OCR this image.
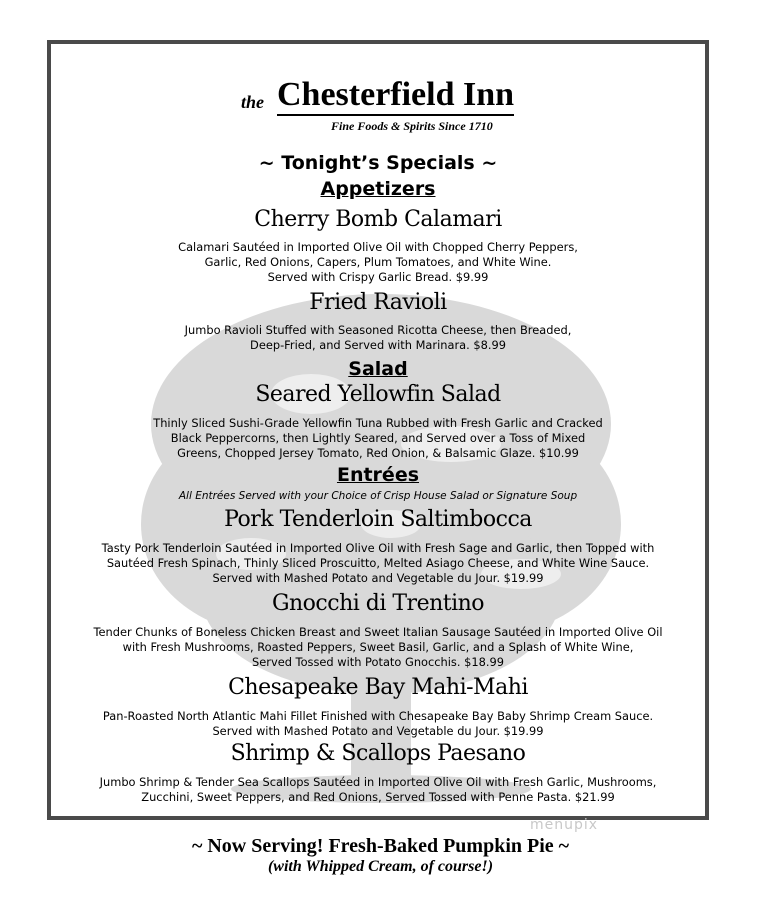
the Chesterfield Inn
Fine Foods & Spirits Since 1710
~ Tonight’s Specials ~
Appetizers
Cherry Bomb Calamari
Calamari Sautéed in Imported Olive Oil with Chopped Cherry Peppers,
Garlic, Red Onions, Capers, Plum Tomatoes, and White Wine.
Served with Crispy Garlic Bread. $9.99
Fried Ravioli
Jumbo Ravioli Stuffed with Seasoned Ricotta Cheese, then Breaded,
Deep-Fried, and Served with Marinara. $8.99
Salad
Seared Yellowfin Salad
Thinly Sliced Sushi-Grade Yellowfin Tuna Rubbed with Fresh Garlic and Cracked
Black Peppercorns, then Lightly Seared, and Served over a Toss of Mixed
Greens, Chopped Jersey Tomato, Red Onion, & Balsamic Glaze. $10.99
Entrées
All Entrées Served with your Choice of Crisp House Salad or Signature Soup
Pork Tenderloin Saltimbocca
Tasty Pork Tenderloin Sautéed in Imported Olive Oil with Fresh Sage and Garlic, then Topped with
Sautéed Fresh Spinach, Thinly Sliced Proscuitto, Melted Asiago Cheese, and White Wine Sauce.
Served with Mashed Potato and Vegetable du Jour. $19.99
Gnocchi di Trentino
Tender Chunks of Boneless Chicken Breast and Sweet Italian Sausage Sautéed in Imported Olive Oil
with Fresh Mushrooms, Roasted Peppers, Sweet Basil, Garlic, and a Splash of White Wine,
Served Tossed with Potato Gnocchis. $18.99
Chesapeake Bay Mahi-Mahi
Pan-Roasted North Atlantic Mahi Fillet Finished with Chesapeake Bay Baby Shrimp Cream Sauce.
Served with Mashed Potato and Vegetable du Jour. $19.99
Shrimp & Scallops Paesano
Jumbo Shrimp & Tender Sea Scallops Sautéed in Imported Olive Oil with Fresh Garlic, Mushrooms,
Zucchini, Sweet Peppers, and Red Onions, Served Tossed with Penne Pasta. $21.99
menupix
~ Now Serving! Fresh-Baked Pumpkin Pie ~
(with Whipped Cream, of course!)
